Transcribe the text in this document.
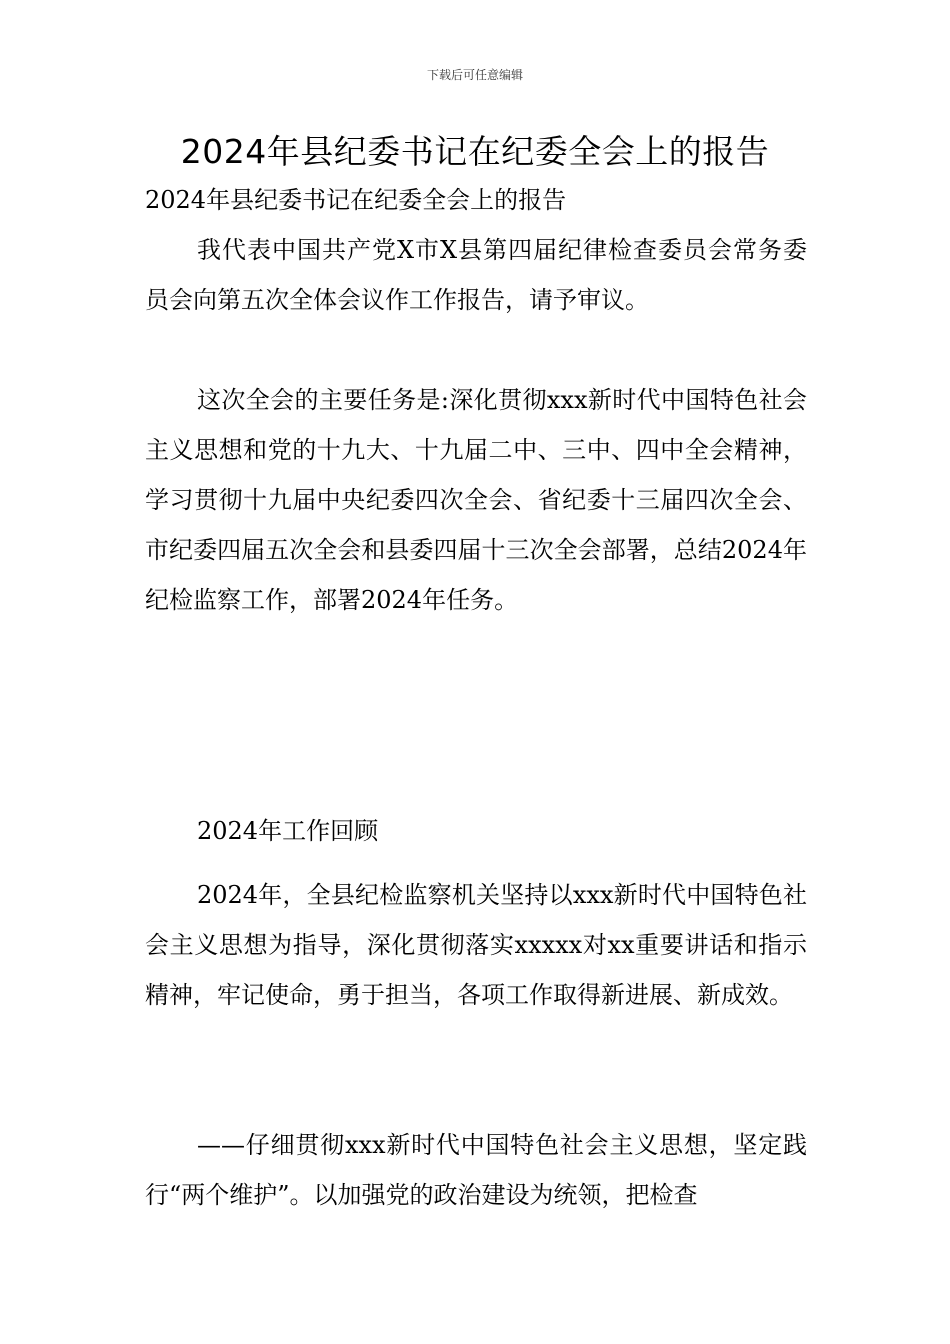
下载后可任意编辑
2024年县纪委书记在纪委全会上的报告

2024年县纪委书记在纪委全会上的报告

我代表中国共产党X市X县第四届纪律检查委员会常务委员会向第五次全体会议作工作报告，请予审议。

这次全会的主要任务是:深化贯彻xxx新时代中国特色社会主义思想和党的十九大、十九届二中、三中、四中全会精神，学习贯彻十九届中央纪委四次全会、省纪委十三届四次全会、市纪委四届五次全会和县委四届十三次全会部署，总结2024年纪检监察工作，部署2024年任务。

2024年工作回顾

2024年，全县纪检监察机关坚持以xxx新时代中国特色社会主义思想为指导，深化贯彻落实xxxxx对xx重要讲话和指示精神，牢记使命，勇于担当，各项工作取得新进展、新成效。

——仔细贯彻xxx新时代中国特色社会主义思想，坚定践行“两个维护”。以加强党的政治建设为统领，把检查
